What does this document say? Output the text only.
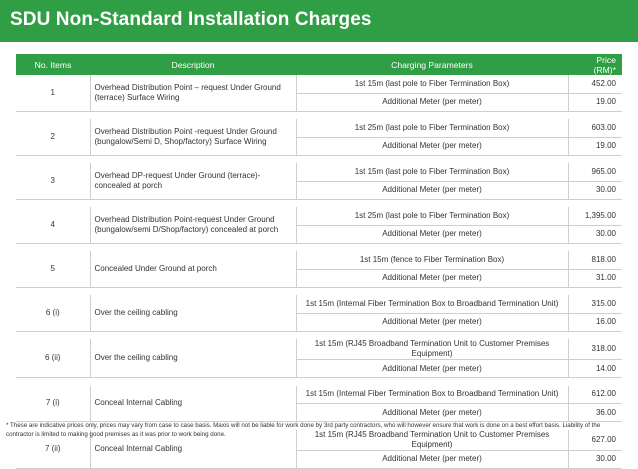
SDU Non-Standard Installation Charges
No. Items	Description	Charging Parameters	Price (RM)*
1	Overhead Distribution Point – request Under Ground (terrace) Surface Wiring	1st 15m (last pole to Fiber Termination Box)	452.00
		Additional Meter (per meter)	19.00

2	Overhead Distribution Point -request Under Ground (bungalow/Semi D, Shop/factory) Surface Wiring	1st 25m (last pole to Fiber Termination Box)	603.00
		Additional Meter (per meter)	19.00

3	Overhead DP-request Under Ground (terrace)-concealed at porch	1st 15m (last pole to Fiber Termination Box)	965.00
		Additional Meter (per meter)	30.00

4	Overhead Distribution Point-request Under Ground (bungalow/semi D/Shop/factory) concealed at porch	1st 25m (last pole to Fiber Termination Box)	1,395.00
		Additional Meter (per meter)	30.00

5	Concealed Under Ground at porch	1st 15m (fence to Fiber Termination Box)	818.00
		Additional Meter (per meter)	31.00

6 (i)	Over the ceiling cabling	1st 15m (Internal Fiber Termination Box to Broadband Termination Unit)	315.00
		Additional Meter (per meter)	16.00

6 (ii)	Over the ceiling cabling	1st 15m (RJ45 Broadband Termination Unit to Customer Premises Equipment)	318.00
		Additional Meter (per meter)	14.00

7 (i)	Conceal Internal Cabling	1st 15m (Internal Fiber Termination Box to Broadband Termination Unit)	612.00
		Additional Meter (per meter)	36.00

7 (ii)	Conceal Internal Cabling	1st 15m (RJ45 Broadband Termination Unit to Customer Premises Equipment)	627.00
		Additional Meter (per meter)	30.00
* These are indicative prices only, prices may vary from case to case basis. Maxis will not be liable for work done by 3rd party contractors, who will however ensure that work is done on a best effort basis. Liability of the contractor is limited to making good premises as it was prior to work being done.
